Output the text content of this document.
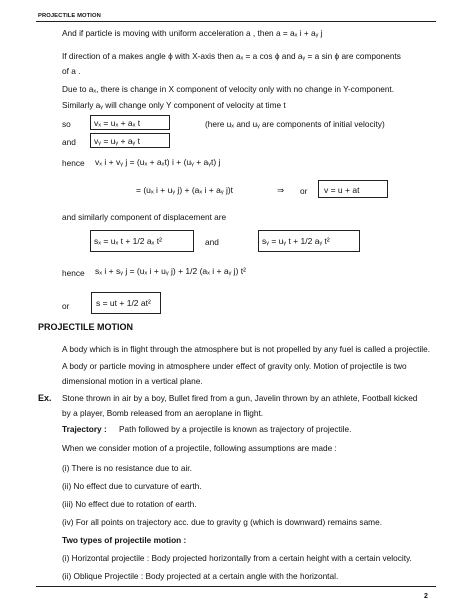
PROJECTILE MOTION
And if particle is moving with uniform acceleration a , then a = aₓ i + aᵧ j
If direction of a makes angle ϕ with X-axis then aₓ = a cos ϕ and aᵧ = a sin ϕ are components
of a .
Due to aₓ, there is change in X component of velocity only with no change in Y-component.
Similarly aᵧ will change only Y component of velocity at time t
so	vₓ = uₓ + aₓ t	(here uₓ and uᵧ are components of initial velocity)
and vᵧ = uᵧ + aᵧ t
hence vₓ i + vᵧ j = (uₓ + aₓt) i + (uᵧ + aᵧt) j
= (uₓ i + uᵧ j) + (aₓ i + aᵧ j)t	⇒ or v = u + at
and similarly component of displacement are
sₓ = uₓ t + 1/2 aₓ t²	and	sᵧ = uᵧ t + 1/2 aᵧ t²
hence sₓ i + sᵧ j = (uₓ i + uᵧ j) + 1/2 (aₓ i + aᵧ j) t²
or	s = ut + 1/2 at²
PROJECTILE MOTION
A body which is in flight through the atmosphere but is not propelled by any fuel is called a projectile.
A body or particle moving in atmosphere under effect of gravity only. Motion of projectile is two
dimensional motion in a vertical plane.
Ex. Stone thrown in air by a boy, Bullet fired from a gun, Javelin thrown by an athlete, Football kicked
by a player, Bomb released from an aeroplane in flight.
Trajectory : Path followed by a projectile is known as trajectory of projectile.
When we consider motion of a projectile, following assumptions are made :
(i) There is no resistance due to air.
(ii) No effect due to curvature of earth.
(iii) No effect due to rotation of earth.
(iv) For all points on trajectory acc. due to gravity g (which is downward) remains same.
Two types of projectile motion :
(i) Horizontal projectile : Body projected horizontally from a certain height with a certain velocity.
(ii) Oblique Projectile : Body projected at a certain angle with the horizontal.
2
